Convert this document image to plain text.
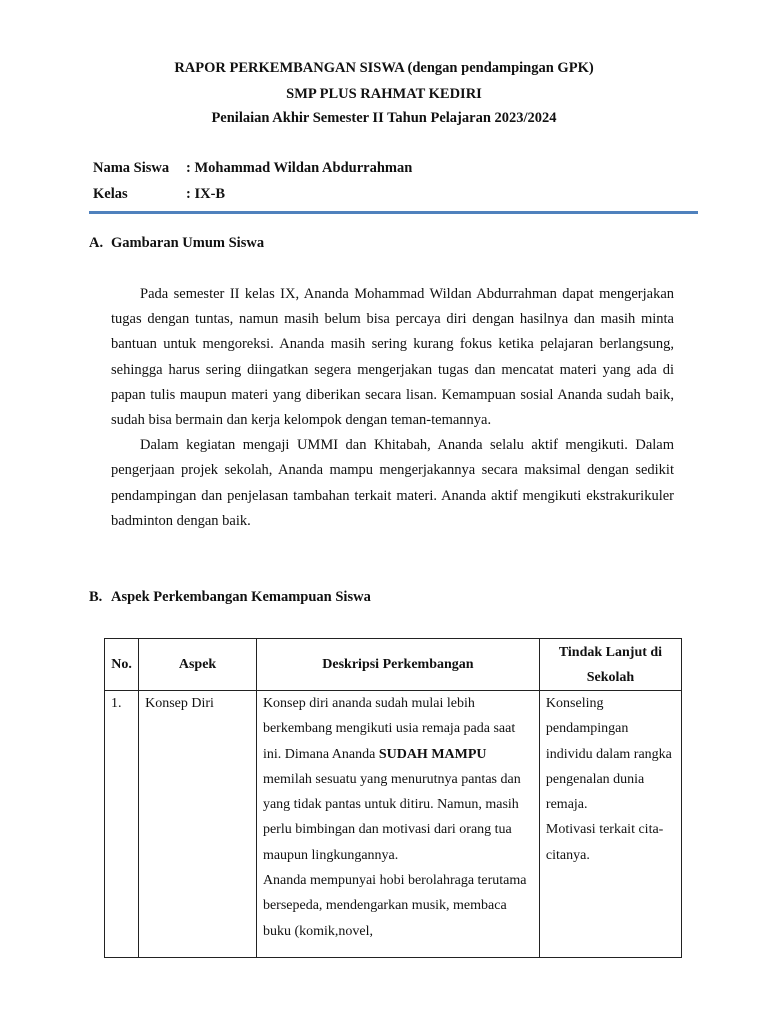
RAPOR PERKEMBANGAN SISWA (dengan pendampingan GPK)
SMP PLUS RAHMAT KEDIRI
Penilaian Akhir Semester II Tahun Pelajaran 2023/2024
Nama Siswa : Mohammad Wildan Abdurrahman
Kelas	: IX-B
A. Gambaran Umum Siswa

Pada semester II kelas IX, Ananda Mohammad Wildan Abdurrahman dapat mengerjakan tugas dengan tuntas, namun masih belum bisa percaya diri dengan hasilnya dan masih minta bantuan untuk mengoreksi. Ananda masih sering kurang fokus ketika pelajaran berlangsung, sehingga harus sering diingatkan segera mengerjakan tugas dan mencatat materi yang ada di papan tulis maupun materi yang diberikan secara lisan. Kemampuan sosial Ananda sudah baik, sudah bisa bermain dan kerja kelompok dengan teman-temannya.

Dalam kegiatan mengaji UMMI dan Khitabah, Ananda selalu aktif mengikuti. Dalam pengerjaan projek sekolah, Ananda mampu mengerjakannya secara maksimal dengan sedikit pendampingan dan penjelasan tambahan terkait materi. Ananda aktif mengikuti ekstrakurikuler badminton dengan baik.

B. Aspek Perkembangan Kemampuan Siswa
No.	Aspek	Deskripsi Perkembangan	Tindak Lanjut di Sekolah

1.	Konsep Diri	Konsep diri ananda sudah mulai lebih berkembang mengikuti usia remaja pada saat ini. Dimana Ananda SUDAH MAMPU memilah sesuatu yang menurutnya pantas dan yang tidak pantas untuk ditiru. Namun, masih perlu bimbingan dan motivasi dari orang tua maupun lingkungannya.
Ananda mempunyai hobi berolahraga terutama bersepeda, mendengarkan musik, membaca buku (komik,novel,	Konseling pendampingan individu dalam rangka pengenalan dunia remaja.
Motivasi terkait cita-citanya.
